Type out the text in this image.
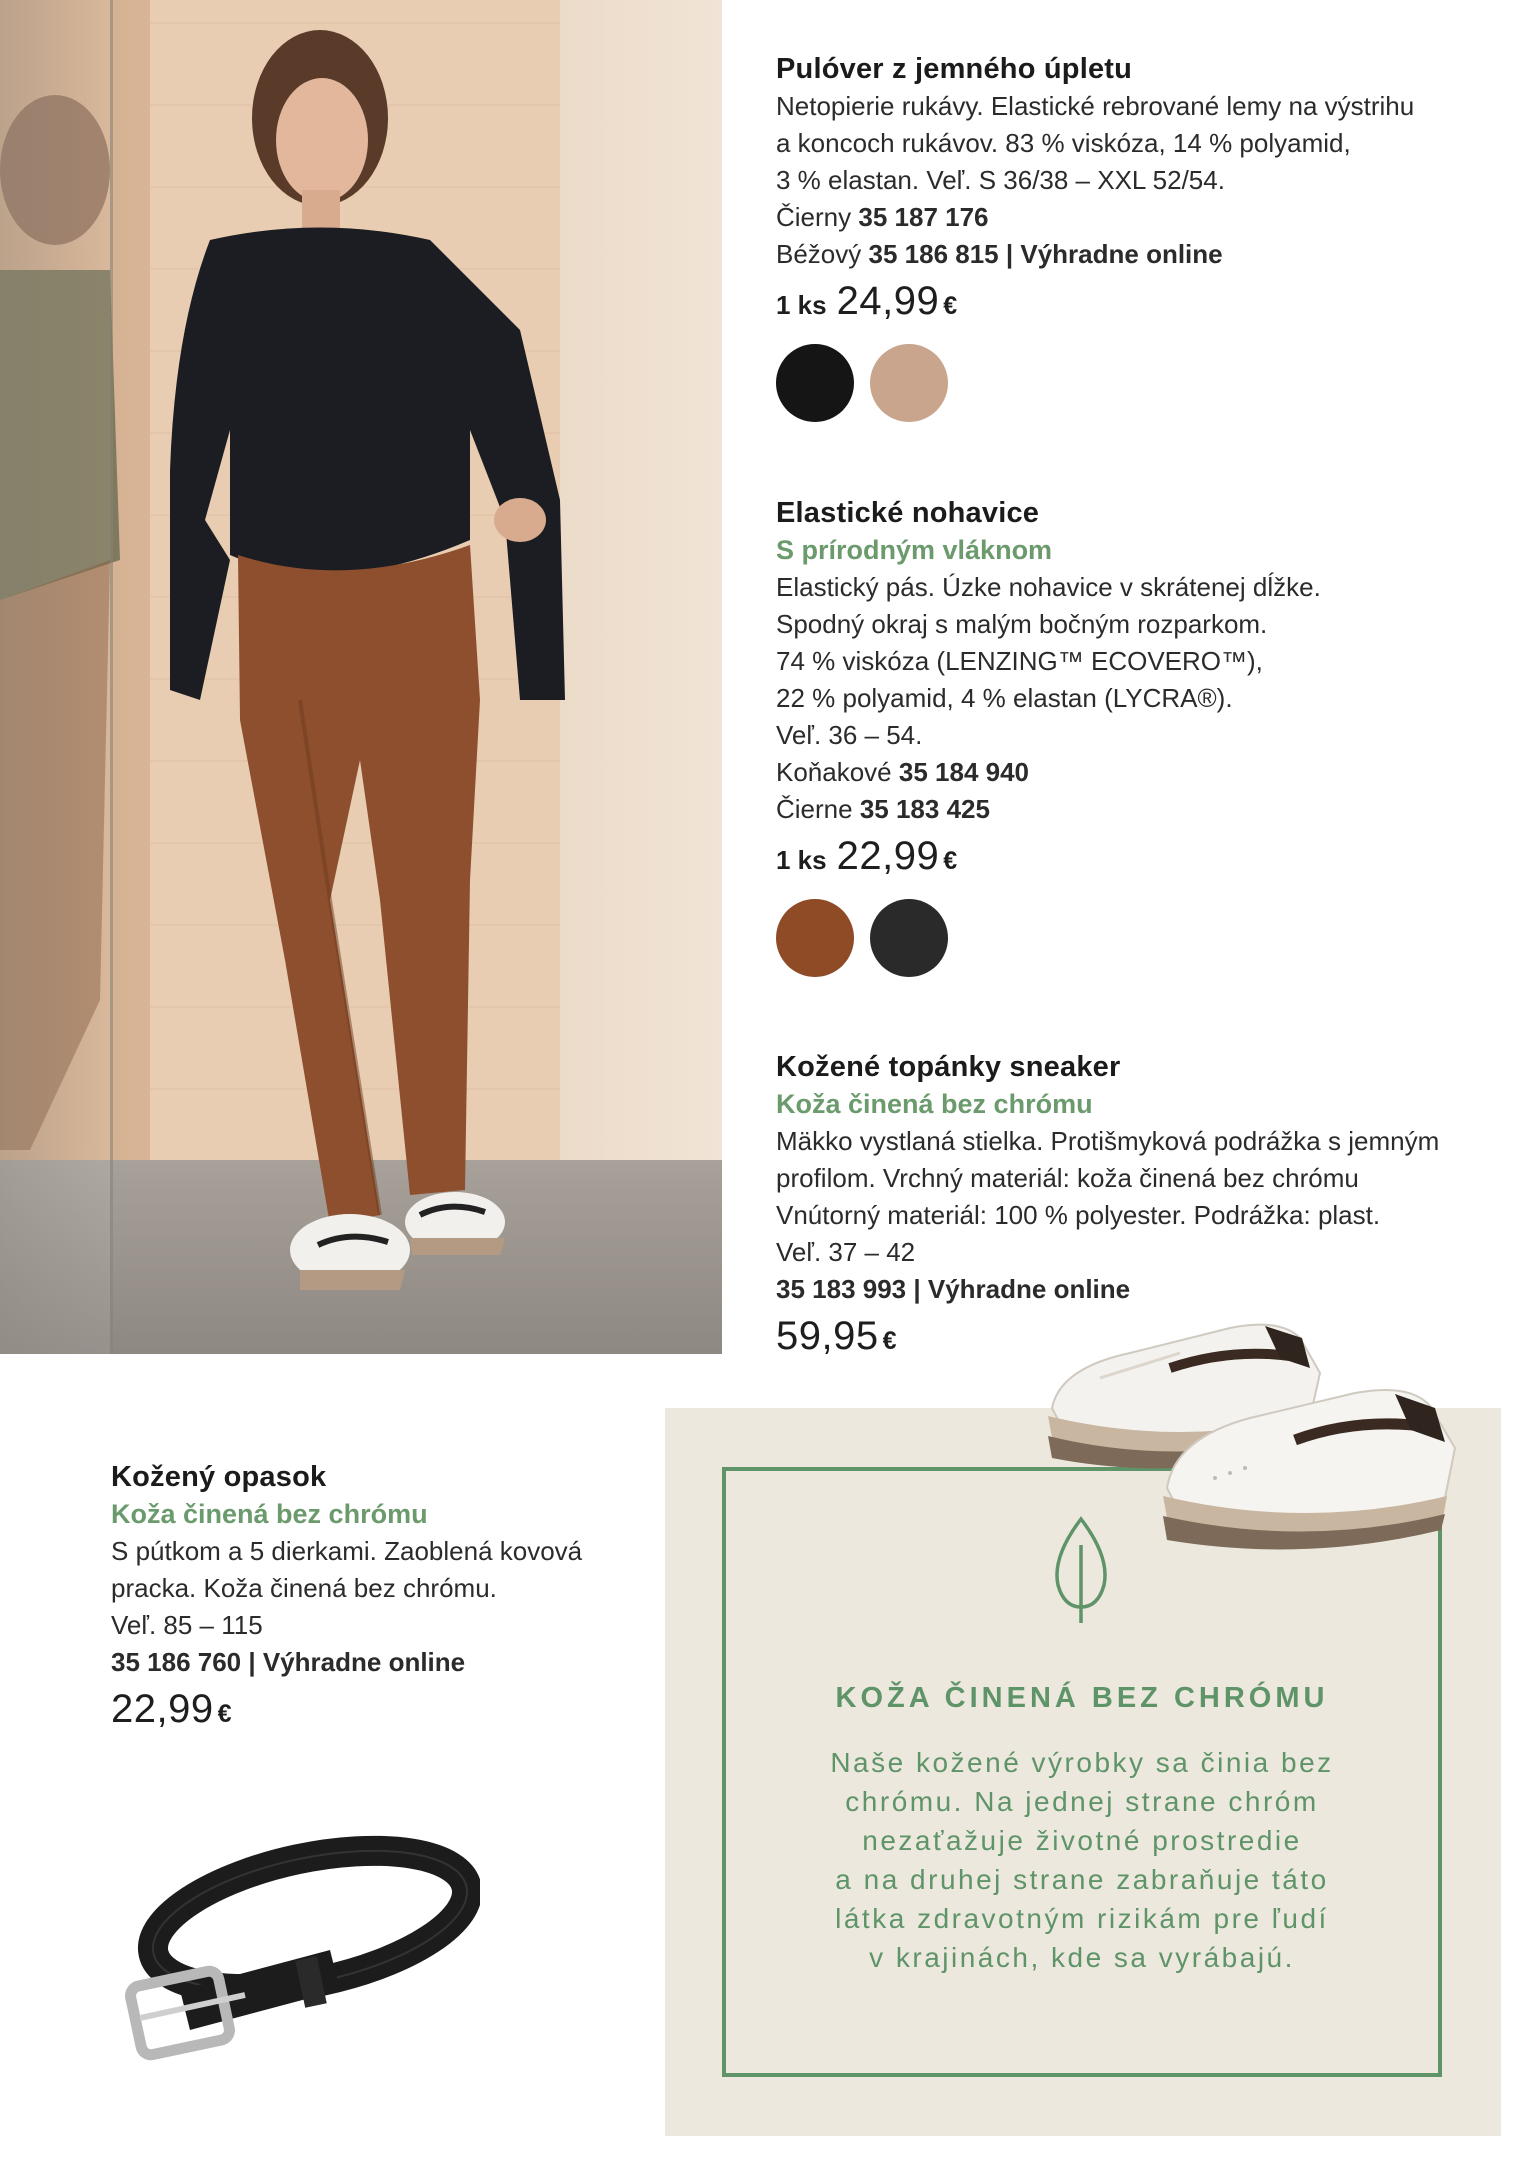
Pulóver z jemného úpletu
Netopierie rukávy. Elastické rebrované lemy na výstrihu
a koncoch rukávov. 83 % viskóza, 14 % polyamid,
3 % elastan. Veľ. S 36/38 – XXL 52/54.
Čierny 35 187 176
Béžový 35 186 815 | Výhradne online
1 ks 24,99 €
Elastické nohavice
S prírodným vláknom
Elastický pás. Úzke nohavice v skrátenej dĺžke.
Spodný okraj s malým bočným rozparkom.
74 % viskóza (LENZING™ ECOVERO™),
22 % polyamid, 4 % elastan (LYCRA®).
Veľ. 36 – 54.
Koňakové 35 184 940
Čierne 35 183 425
1 ks 22,99 €
Kožené topánky sneaker
Koža činená bez chrómu
Mäkko vystlaná stielka. Protišmyková podrážka s jemným
profilom. Vrchný materiál: koža činená bez chrómu
Vnútorný materiál: 100 % polyester. Podrážka: plast.
Veľ. 37 – 42
35 183 993 | Výhradne online
59,95 €
KOŽA ČINENÁ BEZ CHRÓMU
Naše kožené výrobky sa činia bez
chrómu. Na jednej strane chróm
nezaťažuje životné prostredie
a na druhej strane zabraňuje táto
látka zdravotným rizikám pre ľudí
v krajinách, kde sa vyrábajú.
Kožený opasok
Koža činená bez chrómu
S pútkom a 5 dierkami. Zaoblená kovová
pracka. Koža činená bez chrómu.
Veľ. 85 – 115
35 186 760 | Výhradne online
22,99 €
